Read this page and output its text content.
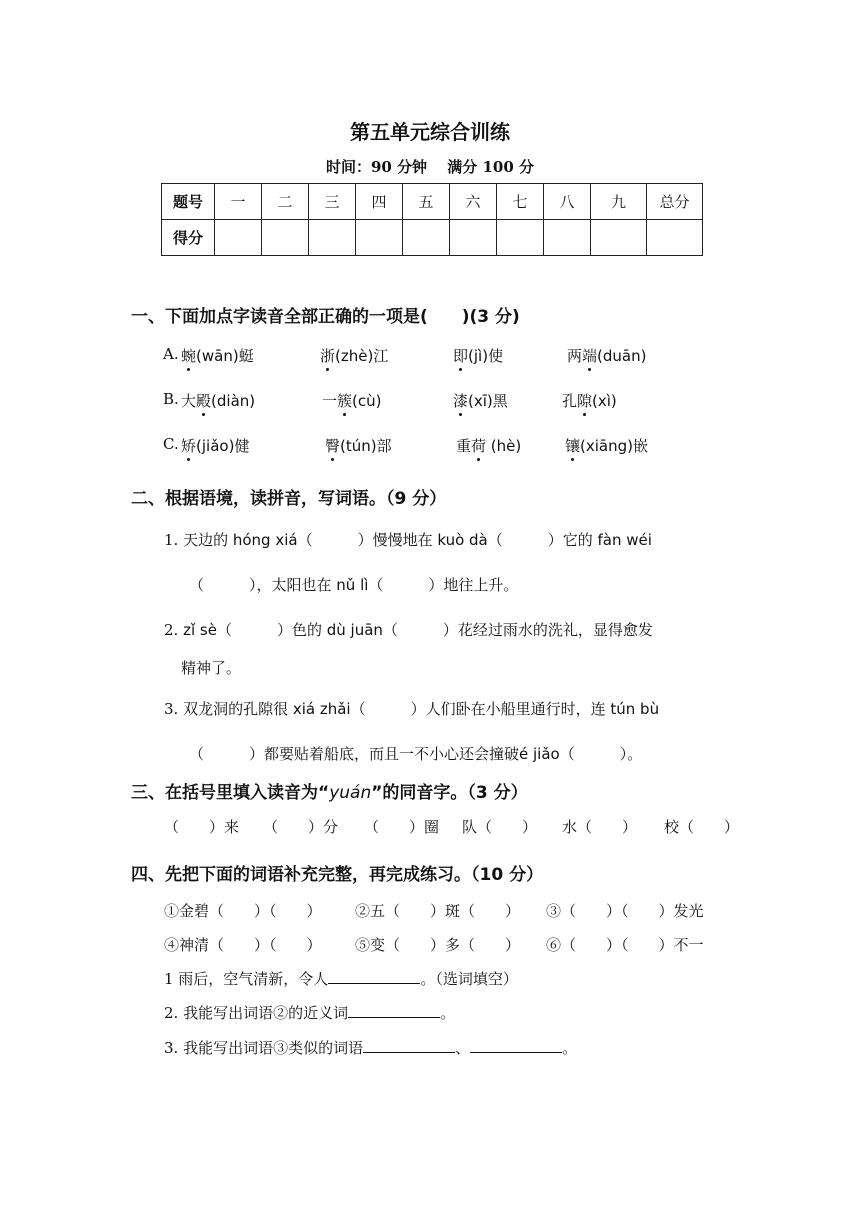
第五单元综合训练
时间：90 分钟　 满分 100 分
题号	一	二	三	四	五	六	七	八	九	总分
得分										
一、下面加点字读音全部正确的一项是(　　)(3 分)
A. 蜿(wān)蜓	浙(zhè)江	即(jì)使	两端(duān)
B. 大殿(diàn)	一簇(cù)	漆(xī)黑	孔隙(xì)
C. 矫(jiǎo)健	臀(tún)部	重荷 (hè)	镶(xiāng)嵌
二、根据语境，读拼音，写词语。（9 分）
1. 天边的 hóng xiá（　　　）慢慢地在 kuò dà（　　　）它的 fàn wéi
（　　　），太阳也在 nǔ lì（　　　）地往上升。
2. zǐ sè（　　　）色的 dù juān（　　　）花经过雨水的洗礼，显得愈发
精神了。
3. 双龙洞的孔隙很 xiá zhǎi（　　　）人们卧在小船里通行时，连 tún bù
（　　　）都要贴着船底，而且一不小心还会撞破é jiǎo（　　　）。
三、在括号里填入读音为“yuán”的同音字。（3 分）
（　　）来 （　　）分 （　　）圈 队（　　） 水（　　） 校（　　）
四、先把下面的词语补充完整，再完成练习。（10 分）
①金碧（　　）（　　） ②五（　　）斑（　　） ③（　　）（　　）发光
④神清（　　）（　　） ⑤变（　　）多（　　） ⑥（　　）（　　）不一
1 雨后，空气清新，令人	。（选词填空）
2. 我能写出词语②的近义词	。
3. 我能写出词语③类似的词语	、	。
